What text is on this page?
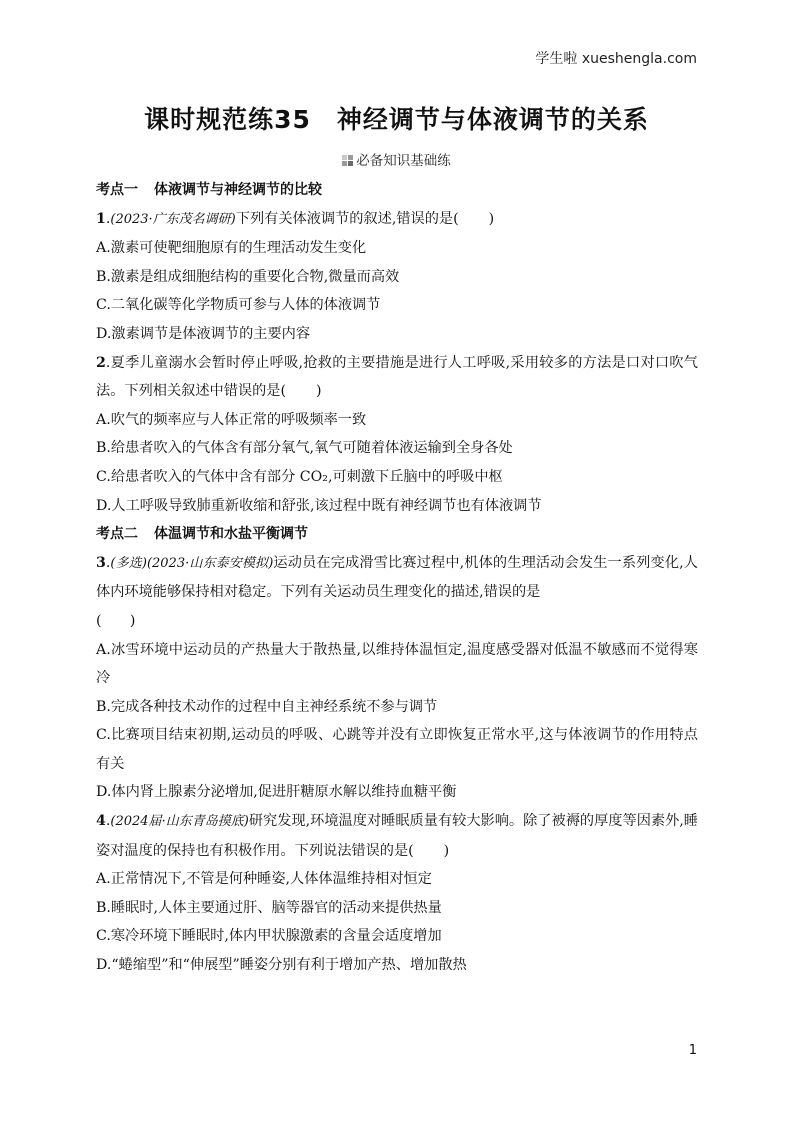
学生啦 xueshengla.com
课时规范练35　神经调节与体液调节的关系
必备知识基础练

考点一 体液调节与神经调节的比较

1.(2023·广东茂名调研)下列有关体液调节的叙述,错误的是( )

A.激素可使靶细胞原有的生理活动发生变化

B.激素是组成细胞结构的重要化合物,微量而高效

C.二氧化碳等化学物质可参与人体的体液调节

D.激素调节是体液调节的主要内容

2.夏季儿童溺水会暂时停止呼吸,抢救的主要措施是进行人工呼吸,采用较多的方法是口对口吹气法。下列相关叙述中错误的是( )

A.吹气的频率应与人体正常的呼吸频率一致

B.给患者吹入的气体含有部分氧气,氧气可随着体液运输到全身各处

C.给患者吹入的气体中含有部分 CO₂,可刺激下丘脑中的呼吸中枢

D.人工呼吸导致肺重新收缩和舒张,该过程中既有神经调节也有体液调节

考点二 体温调节和水盐平衡调节

3.(多选)(2023·山东泰安模拟)运动员在完成滑雪比赛过程中,机体的生理活动会发生一系列变化,人体内环境能够保持相对稳定。下列有关运动员生理变化的描述,错误的是

(　　)

A.冰雪环境中运动员的产热量大于散热量,以维持体温恒定,温度感受器对低温不敏感而不觉得寒冷

B.完成各种技术动作的过程中自主神经系统不参与调节

C.比赛项目结束初期,运动员的呼吸、心跳等并没有立即恢复正常水平,这与体液调节的作用特点有关

D.体内肾上腺素分泌增加,促进肝糖原水解以维持血糖平衡

4.(2024届·山东青岛摸底)研究发现,环境温度对睡眠质量有较大影响。除了被褥的厚度等因素外,睡姿对温度的保持也有积极作用。下列说法错误的是( )

A.正常情况下,不管是何种睡姿,人体体温维持相对恒定

B.睡眠时,人体主要通过肝、脑等器官的活动来提供热量

C.寒冷环境下睡眠时,体内甲状腺激素的含量会适度增加

D.“蜷缩型”和“伸展型”睡姿分别有利于增加产热、增加散热

1
